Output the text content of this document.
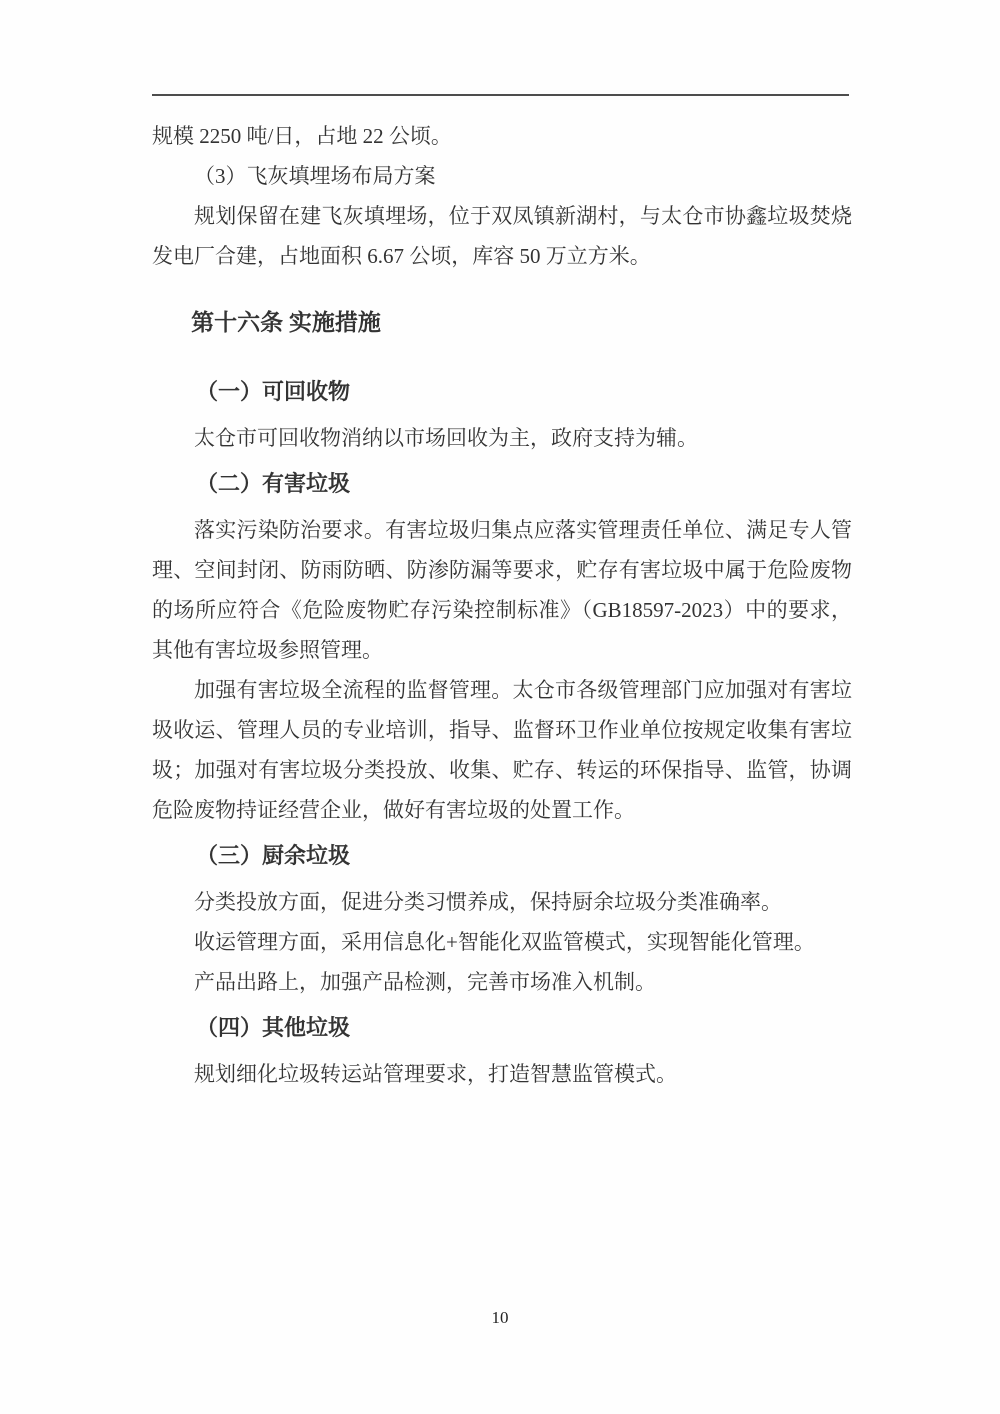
规模 2250 吨/日，占地 22 公顷。

（3）飞灰填埋场布局方案

规划保留在建飞灰填埋场，位于双凤镇新湖村，与太仓市协鑫垃圾焚烧发电厂合建，占地面积 6.67 公顷，库容 50 万立方米。

第十六条 实施措施

（一）可回收物

太仓市可回收物消纳以市场回收为主，政府支持为辅。

（二）有害垃圾

落实污染防治要求。有害垃圾归集点应落实管理责任单位、满足专人管理、空间封闭、防雨防晒、防渗防漏等要求，贮存有害垃圾中属于危险废物的场所应符合《危险废物贮存污染控制标准》（GB18597-2023）中的要求，其他有害垃圾参照管理。

加强有害垃圾全流程的监督管理。太仓市各级管理部门应加强对有害垃圾收运、管理人员的专业培训，指导、监督环卫作业单位按规定收集有害垃圾；加强对有害垃圾分类投放、收集、贮存、转运的环保指导、监管，协调危险废物持证经营企业，做好有害垃圾的处置工作。

（三）厨余垃圾

分类投放方面，促进分类习惯养成，保持厨余垃圾分类准确率。

收运管理方面，采用信息化+智能化双监管模式，实现智能化管理。

产品出路上，加强产品检测，完善市场准入机制。

（四）其他垃圾

规划细化垃圾转运站管理要求，打造智慧监管模式。

10
